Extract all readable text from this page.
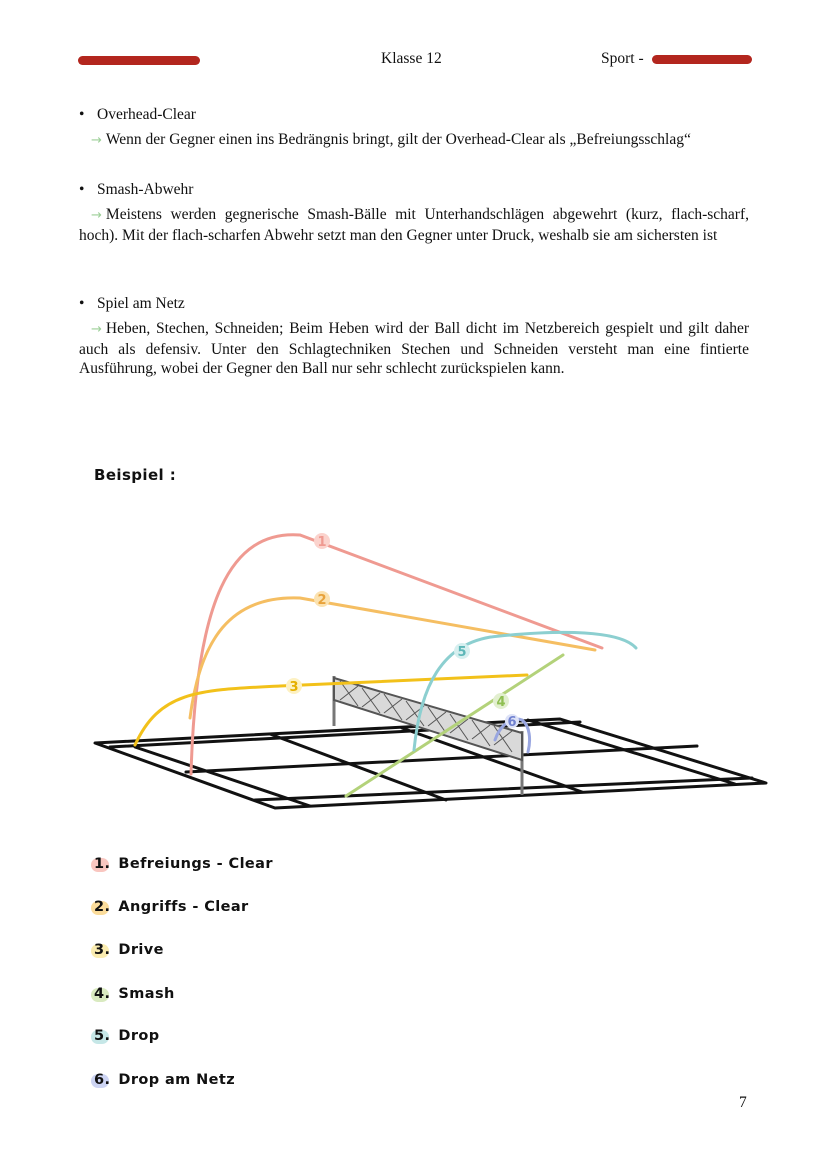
Klasse 12	Sport -
• Overhead-Clear
→ Wenn der Gegner einen ins Bedrängnis bringt, gilt der Overhead-Clear als „Befreiungsschlag“
• Smash-Abwehr
→ Meistens werden gegnerische Smash-Bälle mit Unterhandschlägen abgewehrt (kurz, flach-scharf, hoch). Mit der flach-scharfen Abwehr setzt man den Gegner unter Druck, weshalb sie am sichersten ist
• Spiel am Netz
→ Heben, Stechen, Schneiden; Beim Heben wird der Ball dicht im Netzbereich gespielt und gilt daher auch als defensiv. Unter den Schlagtechniken Stechen und Schneiden versteht man eine fintierte Ausführung, wobei der Gegner den Ball nur sehr schlecht zurückspielen kann.
Beispiel :
1
2
3
4
5
6
1. Befreiungs - Clear
2. Angriffs - Clear
3. Drive
4. Smash
5. Drop
6. Drop am Netz
7
